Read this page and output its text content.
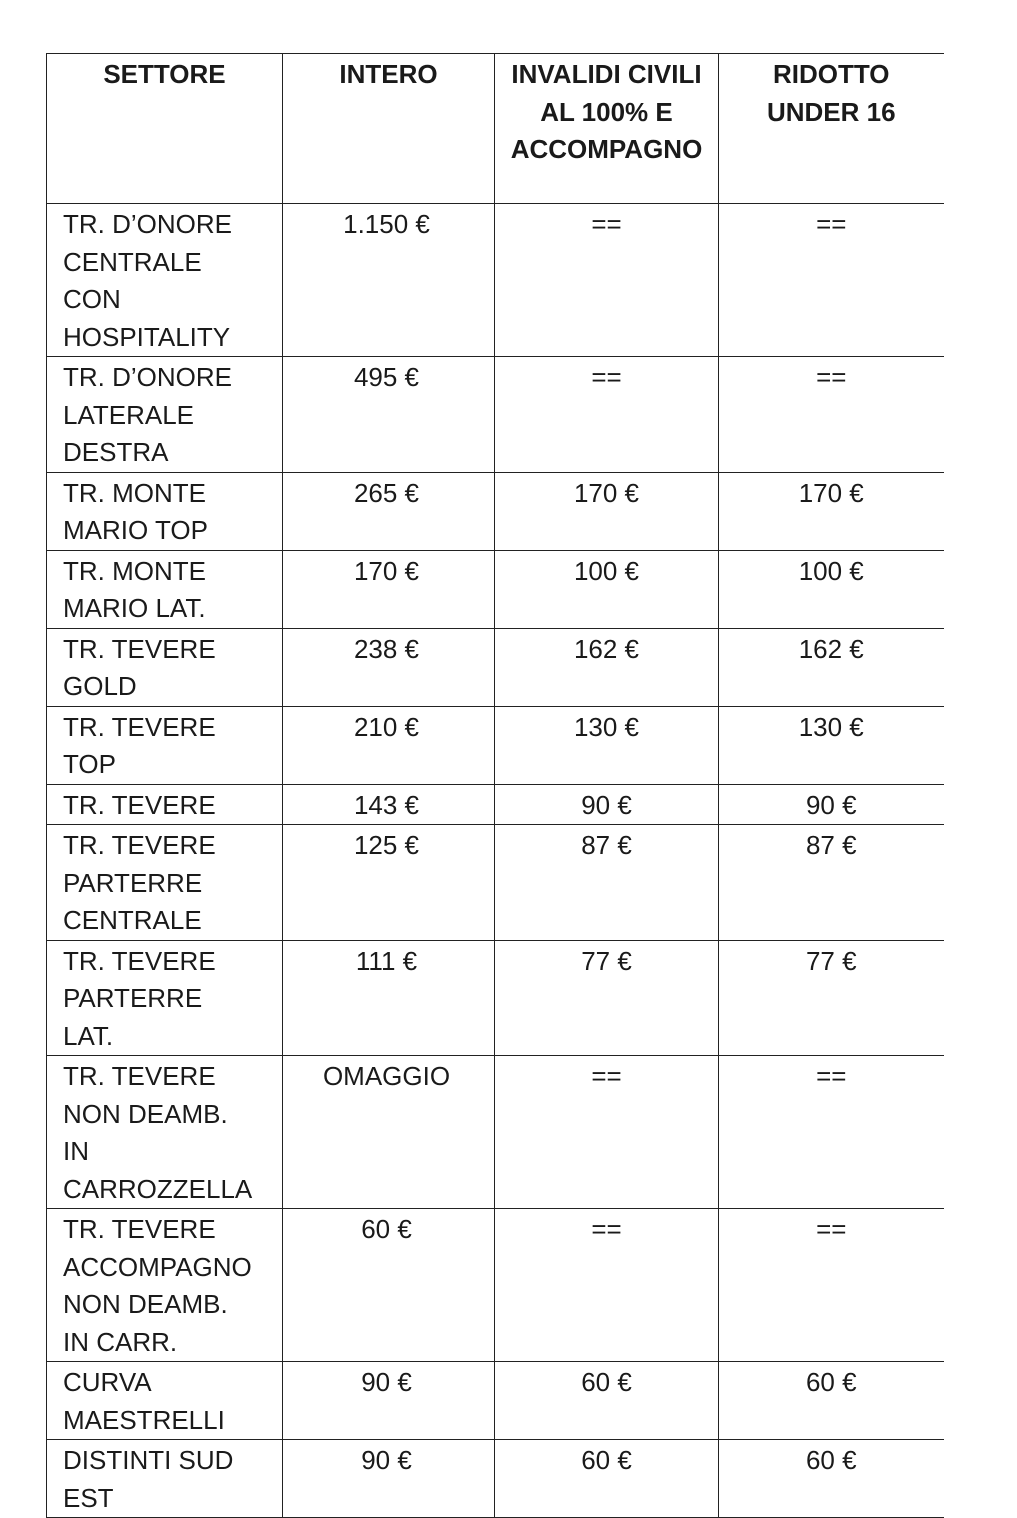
SETTORE	INTERO	INVALIDI CIVILI AL 100% E ACCOMPAGNO	RIDOTTO UNDER 16
TR. D’ONORE CENTRALE CON HOSPITALITY	1.150 €	==	==
TR. D’ONORE LATERALE DESTRA	495 €	==	==
TR. MONTE MARIO TOP	265 €	170 €	170 €
TR. MONTE MARIO LAT.	170 €	100 €	100 €
TR. TEVERE GOLD	238 €	162 €	162 €
TR. TEVERE TOP	210 €	130 €	130 €
TR. TEVERE	143 €	90 €	90 €
TR. TEVERE PARTERRE CENTRALE	125 €	87 €	87 €
TR. TEVERE PARTERRE LAT.	111 €	77 €	77 €
TR. TEVERE NON DEAMB. IN CARROZZELLA	OMAGGIO	==	==
TR. TEVERE ACCOMPAGNO NON DEAMB. IN CARR.	60 €	==	==
CURVA MAESTRELLI	90 €	60 €	60 €
DISTINTI SUD EST	90 €	60 €	60 €
